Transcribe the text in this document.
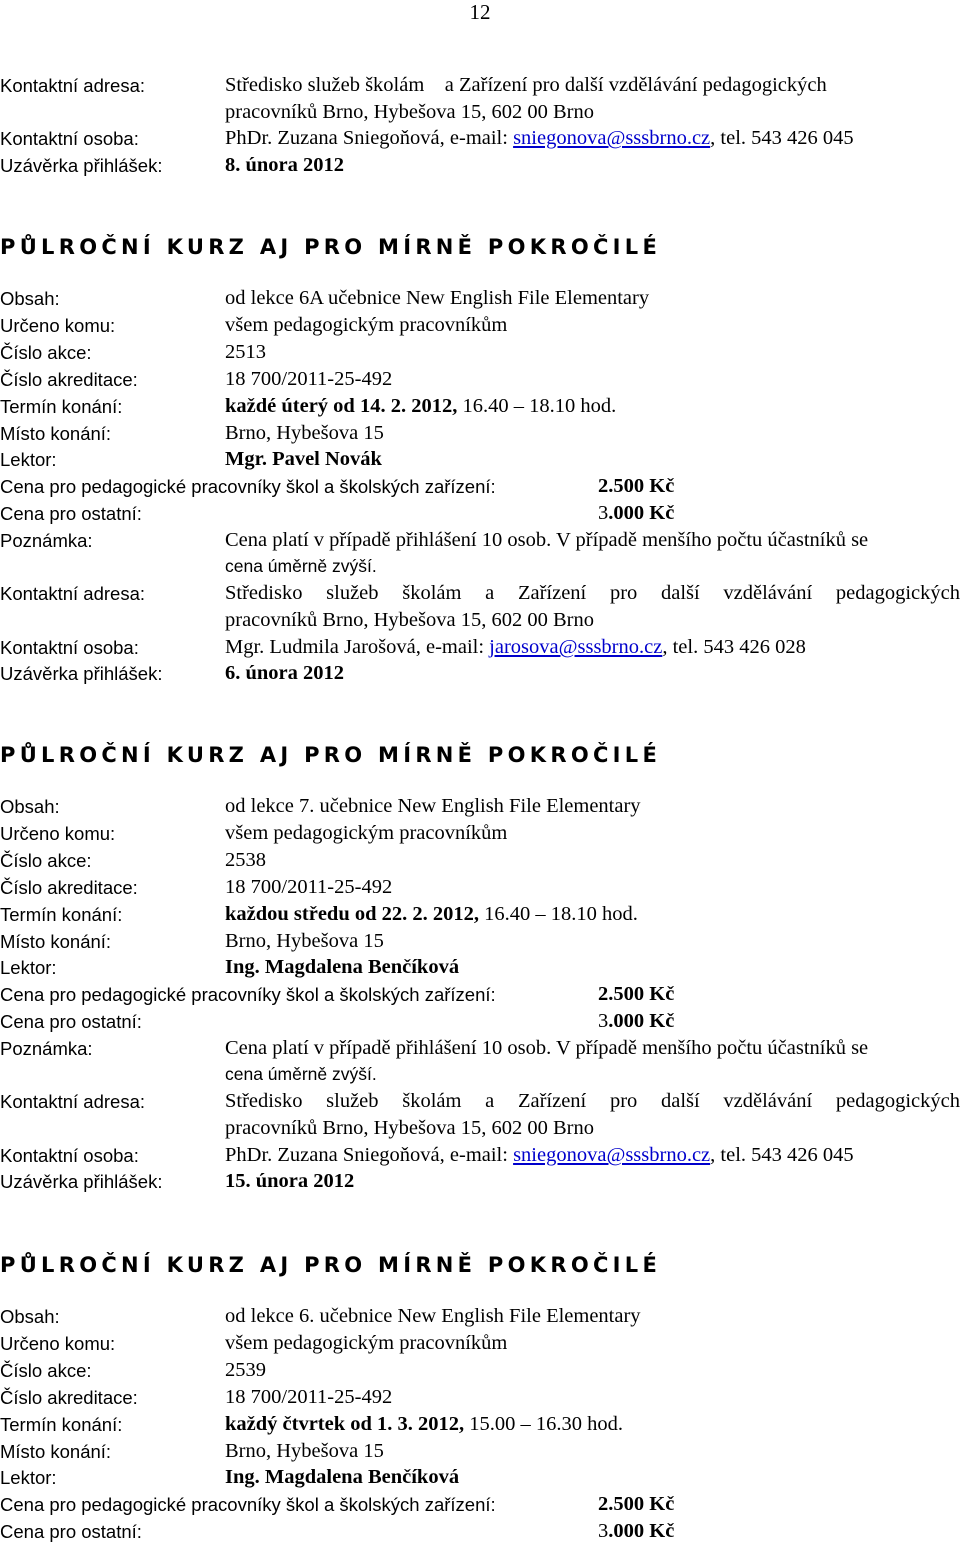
12
Kontaktní adresa:	Středisko služeb školám    a Zařízení pro další vzdělávání pedagogických
pracovníků Brno, Hybešova 15, 602 00 Brno
Kontaktní osoba:	PhDr. Zuzana Sniegoňová, e-mail: sniegonova@sssbrno.cz, tel. 543 426 045
Uzávěrka přihlášek:	8. února 2012
PŮLROČNÍ KURZ AJ PRO MÍRNĚ POKROČILÉ
Obsah:	od lekce 6A učebnice New English File Elementary
Určeno komu:	všem pedagogickým pracovníkům
Číslo akce:	2513
Číslo akreditace:	18 700/2011-25-492
Termín konání:	každé úterý od 14. 2. 2012, 16.40 – 18.10 hod.
Místo konání:	Brno, Hybešova 15
Lektor:	Mgr. Pavel Novák
Cena pro pedagogické pracovníky škol a školských zařízení:	2.500 Kč
Cena pro ostatní:	3.000 Kč
Poznámka:	Cena platí v případě přihlášení 10 osob. V případě menšího počtu účastníků se
cena úměrně zvýší.
Kontaktní adresa:	Středisko služeb školám a Zařízení pro další vzdělávání pedagogických
pracovníků Brno, Hybešova 15, 602 00 Brno
Kontaktní osoba:	Mgr. Ludmila Jarošová, e-mail: jarosova@sssbrno.cz, tel. 543 426 028
Uzávěrka přihlášek:	6. února 2012
PŮLROČNÍ KURZ AJ PRO MÍRNĚ POKROČILÉ
Obsah:	od lekce 7. učebnice New English File Elementary
Určeno komu:	všem pedagogickým pracovníkům
Číslo akce:	2538
Číslo akreditace:	18 700/2011-25-492
Termín konání:	každou středu od 22. 2. 2012, 16.40 – 18.10 hod.
Místo konání:	Brno, Hybešova 15
Lektor:	Ing. Magdalena Benčíková
Cena pro pedagogické pracovníky škol a školských zařízení:	2.500 Kč
Cena pro ostatní:	3.000 Kč
Poznámka:	Cena platí v případě přihlášení 10 osob. V případě menšího počtu účastníků se
cena úměrně zvýší.
Kontaktní adresa:	Středisko služeb školám a Zařízení pro další vzdělávání pedagogických
pracovníků Brno, Hybešova 15, 602 00 Brno
Kontaktní osoba:	PhDr. Zuzana Sniegoňová, e-mail: sniegonova@sssbrno.cz, tel. 543 426 045
Uzávěrka přihlášek:	15. února 2012
PŮLROČNÍ KURZ AJ PRO MÍRNĚ POKROČILÉ
Obsah:	od lekce 6. učebnice New English File Elementary
Určeno komu:	všem pedagogickým pracovníkům
Číslo akce:	2539
Číslo akreditace:	18 700/2011-25-492
Termín konání:	každý čtvrtek od 1. 3. 2012, 15.00 – 16.30 hod.
Místo konání:	Brno, Hybešova 15
Lektor:	Ing. Magdalena Benčíková
Cena pro pedagogické pracovníky škol a školských zařízení:	2.500 Kč
Cena pro ostatní:	3.000 Kč
